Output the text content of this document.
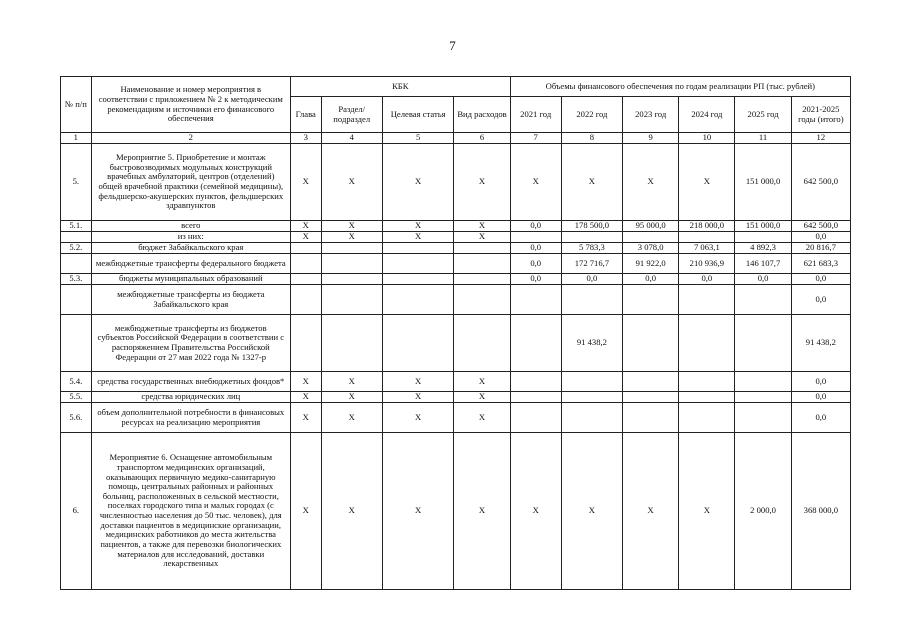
7
№ п/п	Наименование и номер мероприятия в соответствии с приложением № 2 к методическим рекомендациям и источники его финансового обеспечения	КБК				Объемы финансового обеспечения по годам реализации РП (тыс. рублей)					
		Глава	Раздел/подраздел	Целевая статья	Вид расходов	2021 год	2022 год	2023 год	2024 год	2025 год	2021-2025 годы (итого)
1	2	3	4	5	6	7	8	9	10	11	12
5.	Мероприятие 5. Приобретение и монтаж быстровозводимых модульных конструкций врачебных амбулаторий, центров (отделений) общей врачебной практики (семейной медицины), фельдшерско-акушерских пунктов, фельдшерских здравпунктов	X	X	X	X	X	X	X	X	151 000,0	642 500,0
5.1.	всего	X	X	X	X	0,0	178 500,0	95 000,0	218 000,0	151 000,0	642 500,0
	из них:	X	X	X	X						0,0
5.2.	бюджет Забайкальского края					0,0	5 783,3	3 078,0	7 063,1	4 892,3	20 816,7
	межбюджетные трансферты федерального бюджета					0,0	172 716,7	91 922,0	210 936,9	146 107,7	621 683,3
5.3.	бюджеты муниципальных образований					0,0	0,0	0,0	0,0	0,0	0,0
	межбюджетные трансферты из бюджета Забайкальского края										0,0
	межбюджетные трансферты из бюджетов субъектов Российской Федерации в соответствии с распоряжением Правительства Российской Федерации от 27 мая 2022 года № 1327-р						91 438,2				91 438,2
5.4.	средства государственных внебюджетных фондов*	X	X	X	X						0,0
5.5.	средства юридических лиц	X	X	X	X						0,0
5.6.	объем дополнительной потребности в финансовых ресурсах на реализацию мероприятия	X	X	X	X						0,0
6.	Мероприятие 6. Оснащение автомобильным транспортом медицинских организаций, оказывающих первичную медико-санитарную помощь, центральных районных и районных больниц, расположенных в сельской местности, поселках городского типа и малых городах (с численностью населения до 50 тыс. человек), для доставки пациентов в медицинские организации, медицинских работников до места жительства пациентов, а также для перевозки биологических материалов для исследований, доставки лекарственных	X	X	X	X	X	X	X	X	2 000,0	368 000,0
